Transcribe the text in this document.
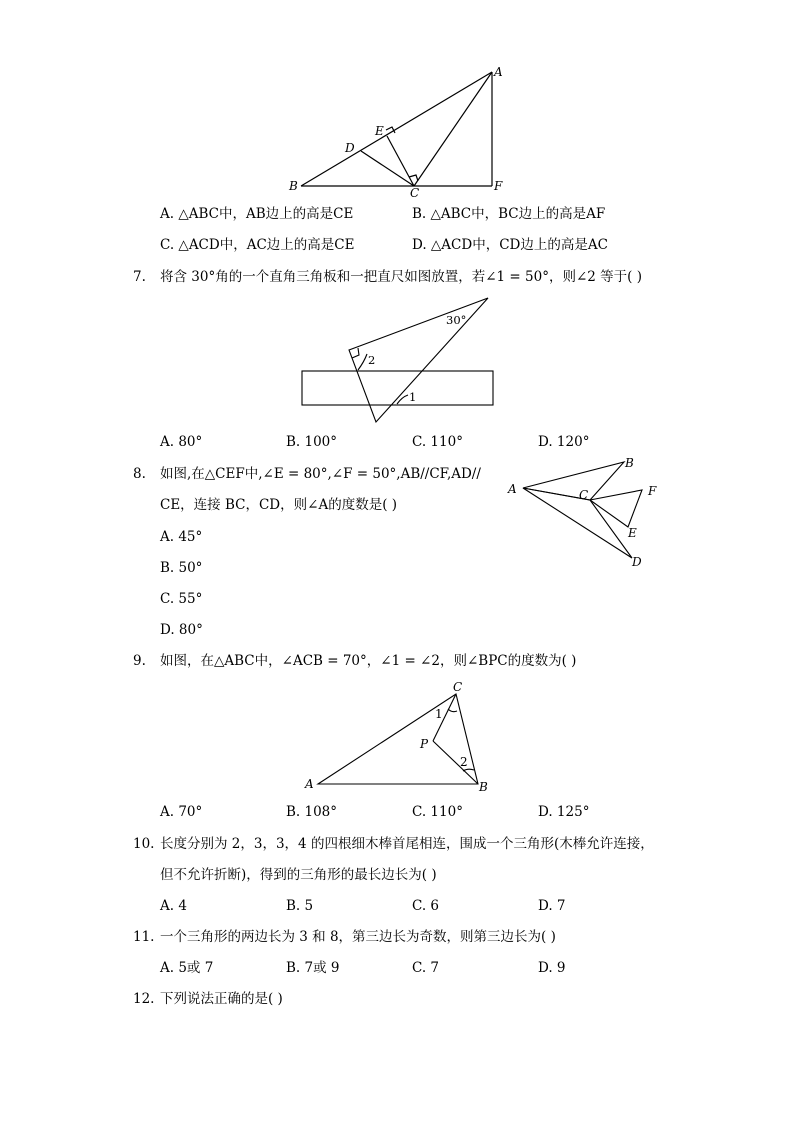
A
B	C
D
E
F
A. △ABC中，AB边上的高是CE	B. △ABC中，BC边上的高是AF
C. △ACD中，AC边上的高是CE	D. △ACD中，CD边上的高是AC
7. 将含 30°角的一个直角三角板和一把直尺如图放置，若∠1 = 50°，则∠2 等于( )
30°
2
1
A. 80°	B. 100°	C. 110°	D. 120°
8. 如图,在△CEF中,∠E = 80°,∠F = 50°,AB//CF,AD//
CE，连接 BC，CD，则∠A的度数是( )
A
B
C
D
E
F
A. 45°
B. 50°
C. 55°
D. 80°
9. 如图，在△ABC中，∠ACB = 70°，∠1 = ∠2，则∠BPC的度数为( )
A	B
C
P
1
2
A. 70°	B. 108°	C. 110°	D. 125°
10. 长度分别为 2，3，3，4 的四根细木棒首尾相连，围成一个三角形(木棒允许连接，
但不允许折断)，得到的三角形的最长边长为( )
A. 4	B. 5	C. 6	D. 7
11. 一个三角形的两边长为 3 和 8，第三边长为奇数，则第三边长为( )
A. 5或 7	B. 7或 9	C. 7	D. 9
12. 下列说法正确的是( )
